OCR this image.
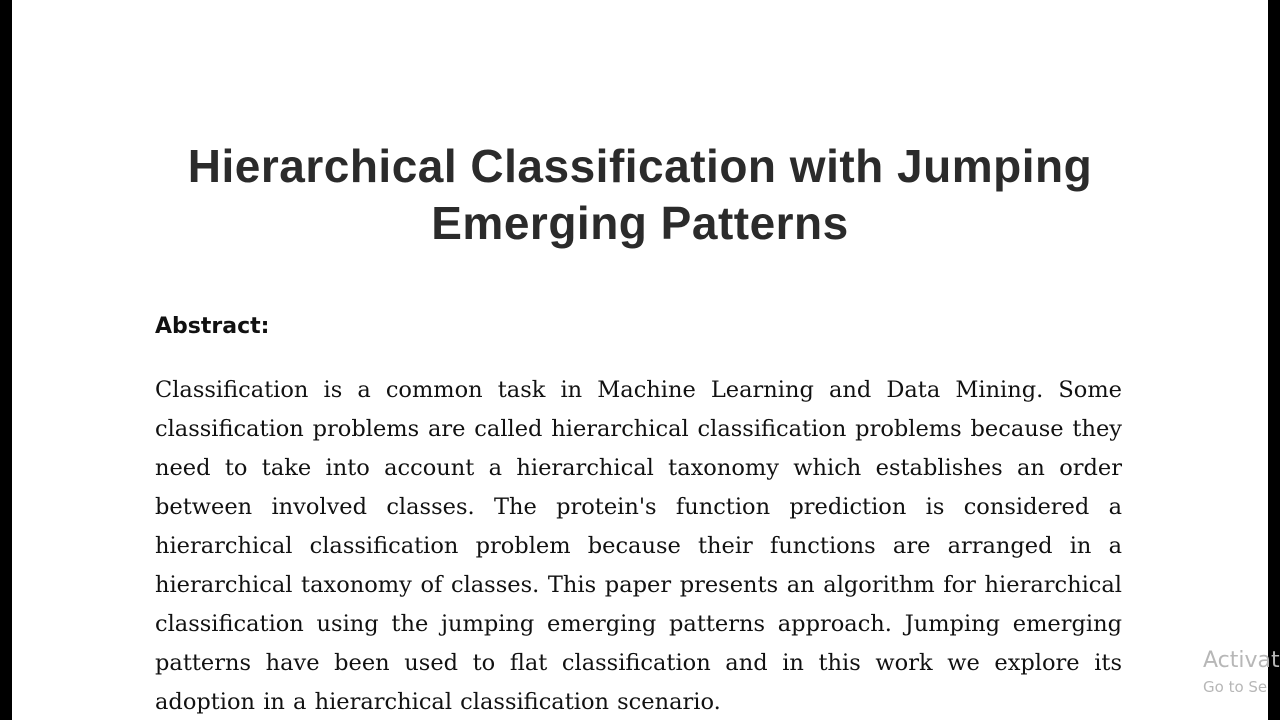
Hierarchical Classification with Jumping
Emerging Patterns
Abstract:

Classification is a common task in Machine Learning and Data Mining. Some classification problems are called hierarchical classification problems because they need to take into account a hierarchical taxonomy which establishes an order between involved classes. The protein's function prediction is considered a hierarchical classification problem because their functions are arranged in a hierarchical taxonomy of classes. This paper presents an algorithm for hierarchical classification using the jumping emerging patterns approach. Jumping emerging patterns have been used to flat classification and in this work we explore its adoption in a hierarchical classification scenario.

Activat
Go to Se
